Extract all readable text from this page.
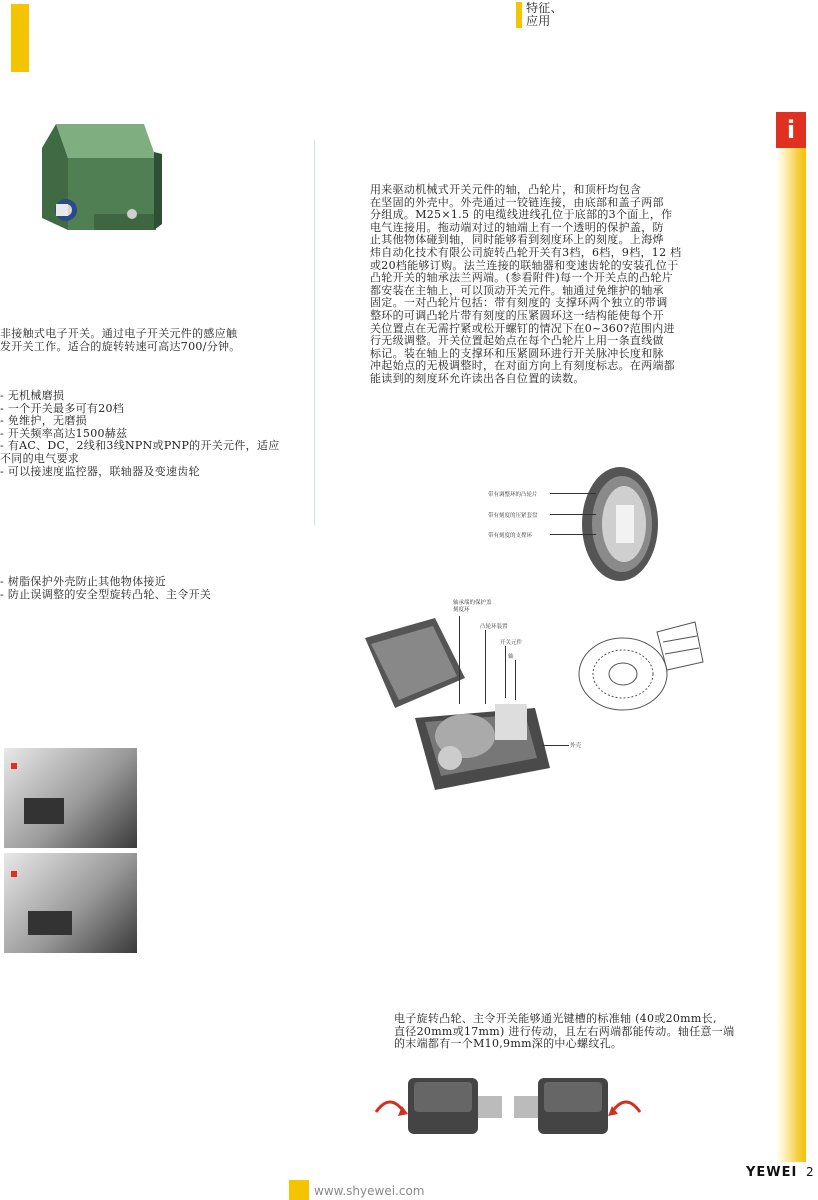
特征、
应用
i
非接触式电子开关。通过电子开关元件的感应触
发开关工作。适合的旋转转速可高达700/分钟。
- 无机械磨损
- 一个开关最多可有20档
- 免维护，无磨损
- 开关频率高达1500赫兹
- 有AC、DC，2线和3线NPN或PNP的开关元件，适应
不同的电气要求
- 可以接速度监控器，联轴器及变速齿轮
- 树脂保护外壳防止其他物体接近
- 防止误调整的安全型旋转凸轮、主令开关
用来驱动机械式开关元件的轴，凸轮片，和顶杆均包含
在坚固的外壳中。外壳通过一铰链连接，由底部和盖子两部
分组成。M25×1.5 的电缆线进线孔位于底部的3个面上，作
电气连接用。拖动端对过的轴端上有一个透明的保护盖，防
止其他物体碰到轴，同时能够看到刻度环上的刻度。上海烨
炜自动化技术有限公司旋转凸轮开关有3档，6档，9档，12 档
或20档能够订购。法兰连接的联轴器和变速齿轮的安装孔位于
凸轮开关的轴承法兰两端。(参看附件)每一个开关点的凸轮片
都安装在主轴上，可以顶动开关元件。轴通过免维护的轴承
固定。一对凸轮片包括：带有刻度的 支撑环两个独立的带调
整环的可调凸轮片带有刻度的压紧圆环这一结构能使每个开
关位置点在无需拧紧或松开螺钉的情况下在0~360?范围内进
行无级调整。开关位置起始点在每个凸轮片上用一条直线做
标记。装在轴上的支撑环和压紧圆环进行开关脉冲长度和脉
冲起始点的无极调整时，在对面方向上有刻度标志。在两端都
能读到的刻度环允许读出各自位置的读数。
带有调整环的凸轮片
带有刻度的压紧套盘
带有刻度的支撑环
轴承端的保护盖
刻度环
凸轮环装置
开关元件
轴
外壳
电子旋转凸轮、主令开关能够通光键槽的标准轴 (40或20mm长,
直径20mm或17mm) 进行传动，且左右两端都能传动。轴任意一端
的末端都有一个M10,9mm深的中心螺纹孔。
YEWEI 2
www.shyewei.com
